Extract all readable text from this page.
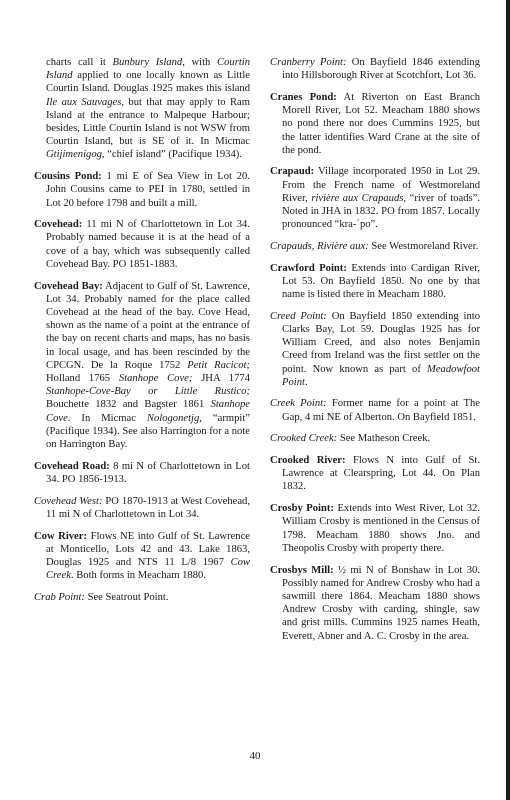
charts call it Bunbury Island, with Courtin Island applied to one locally known as Little Courtin Island. Douglas 1925 makes this island Ile aux Sauvages, but that may apply to Ram Island at the entrance to Malpeque Harbour; besides, Little Courtin Island is not WSW from Courtin Island, but is SE of it. In Micmac Gtijimenigog, “chief island” (Pacifique 1934).
Cousins Pond: 1 mi E of Sea View in Lot 20. John Cousins came to PEI in 1780, settled in Lot 20 before 1798 and built a mill.
Covehead: 11 mi N of Charlottetown in Lot 34. Probably named because it is at the head of a cove of a bay, which was subsequently called Covehead Bay. PO 1851-1883.
Covehead Bay: Adjacent to Gulf of St. Lawrence, Lot 34. Probably named for the place called Covehead at the head of the bay. Cove Head, shown as the name of a point at the entrance of the bay on recent charts and maps, has no basis in local usage, and has been rescinded by the CPCGN. De la Roque 1752 Petit Racicot; Holland 1765 Stanhope Cove; JHA 1774 Stanhope-Cove-Bay or Little Rustico; Bouchette 1832 and Bagster 1861 Stanhope Cove. In Micmac Nologonetjg, “armpit” (Pacifique 1934). See also Harrington for a note on Harrington Bay.
Covehead Road: 8 mi N of Charlottetown in Lot 34. PO 1856-1913.
Covehead West: PO 1870-1913 at West Covehead, 11 mi N of Charlottetown in Lot 34.
Cow River: Flows NE into Gulf of St. Lawrence at Monticello, Lots 42 and 43. Lake 1863, Douglas 1925 and NTS 11 L/8 1967 Cow Creek. Both forms in Meacham 1880.
Crab Point: See Seatrout Point.
Cranberry Point: On Bayfield 1846 extending into Hillsborough River at Scotchfort, Lot 36.
Cranes Pond: At Riverton on East Branch Morell River, Lot 52. Meacham 1880 shows no pond there nor does Cummins 1925, but the latter identifies Ward Crane at the site of the pond.
Crapaud: Village incorporated 1950 in Lot 29. From the French name of Westmoreland River, rivière aux Crapauds, “river of toads”. Noted in JHA in 1832. PO from 1857. Locally pronounced “kra-´po”.
Crapauds, Rivière aux: See Westmoreland River.
Crawford Point: Extends into Cardigan River, Lot 53. On Bayfield 1850. No one by that name is listed there in Meacham 1880.
Creed Point: On Bayfield 1850 extending into Clarks Bay, Lot 59. Douglas 1925 has for William Creed, and also notes Benjamin Creed from Ireland was the first settler on the point. Now known as part of Meadowfoot Point.
Creek Point: Former name for a point at The Gap, 4 mi NE of Alberton. On Bayfield 1851.
Crooked Creek: See Matheson Creek.
Crooked River: Flows N into Gulf of St. Lawrence at Clearspring, Lot 44. On Plan 1832.
Crosby Point: Extends into West River, Lot 32. William Crosby is mentioned in the Census of 1798. Meacham 1880 shows Jno. and Theopolis Crosby with property there.
Crosbys Mill: ½ mi N of Bonshaw in Lot 30. Possibly named for Andrew Crosby who had a sawmill there 1864. Meacham 1880 shows Andrew Crosby with carding, shingle, saw and grist mills. Cummins 1925 names Heath, Everett, Abner and A. C. Crosby in the area.
40
